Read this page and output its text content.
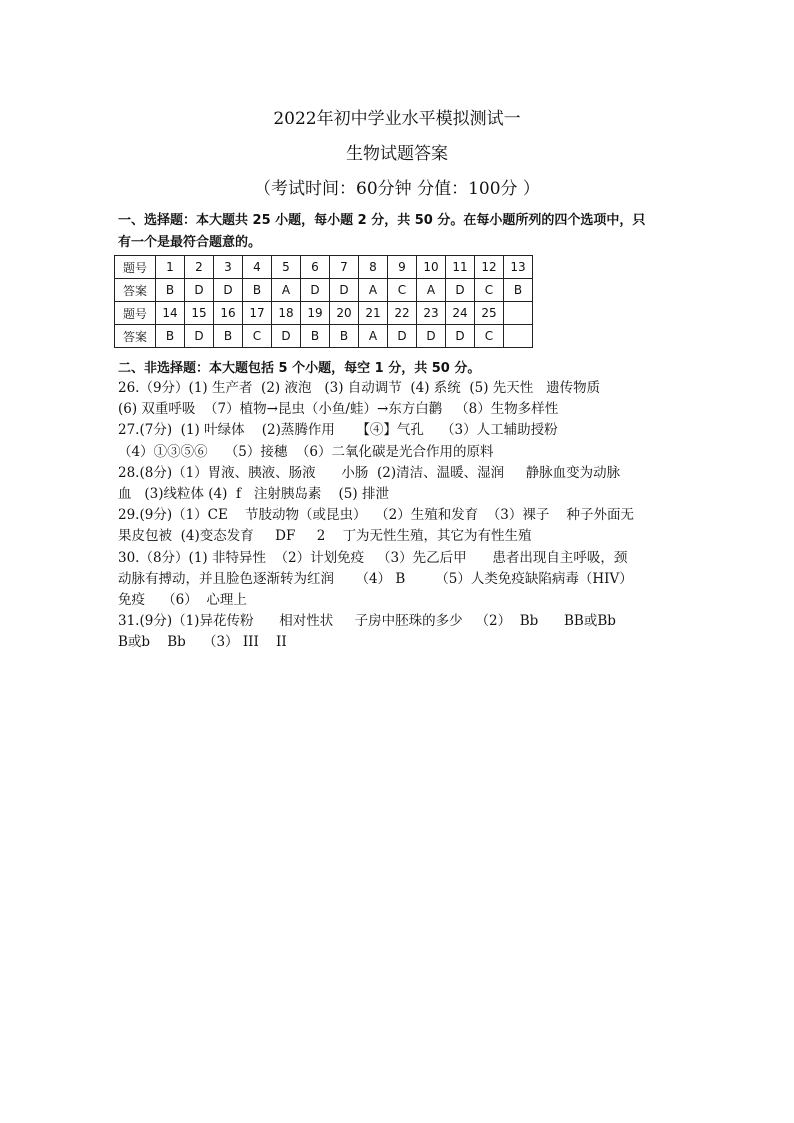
2022年初中学业水平模拟测试一
生物试题答案
（考试时间：60分钟 分值：100分 ）
一、选择题：本大题共 25 小题，每小题 2 分，共 50 分。在每小题所列的四个选项中，只
有一个是最符合题意的。
题号	1	2	3	4	5	6	7	8	9	10	11	12	13
答案	B	D	D	B	A	D	D	A	C	A	D	C	B
题号	14	15	16	17	18	19	20	21	22	23	24	25	
答案	B	D	B	C	D	B	B	A	D	D	D	C	
二、非选择题：本大题包括 5 个小题，每空 1 分，共 50 分。

26.（9分）(1) 生产者  (2) 液泡   (3) 自动调节  (4) 系统  (5) 先天性   遗传物质

(6) 双重呼吸  （7）植物→昆虫（小鱼/蛙）→东方白鹳   （8）生物多样性

27.(7分)  (1) 叶绿体    (2)蒸腾作用     【④】气孔    （3）人工辅助授粉

（4）①③⑤⑥    （5）接穗  （6）二氧化碳是光合作用的原料

28.(8分)（1）胃液、胰液、肠液      小肠  (2)清洁、温暖、湿润     静脉血变为动脉

血   (3)线粒体 (4)  f   注射胰岛素    (5) 排泄

29.(9分)（1）CE    节肢动物（或昆虫）  （2）生殖和发育  （3）裸子    种子外面无

果皮包被  (4)变态发育     DF     2    丁为无性生殖，其它为有性生殖

30.（8分）(1) 非特异性  （2）计划免疫   （3）先乙后甲      患者出现自主呼吸，颈

动脉有搏动，并且脸色逐渐转为红润     （4） B       （5）人类免疫缺陷病毒（HIV）

免疫    （6）  心理上

31.(9分)（1)异花传粉      相对性状     子房中胚珠的多少   （2）  Bb      BB或Bb

B或b    Bb    （3） III    II
